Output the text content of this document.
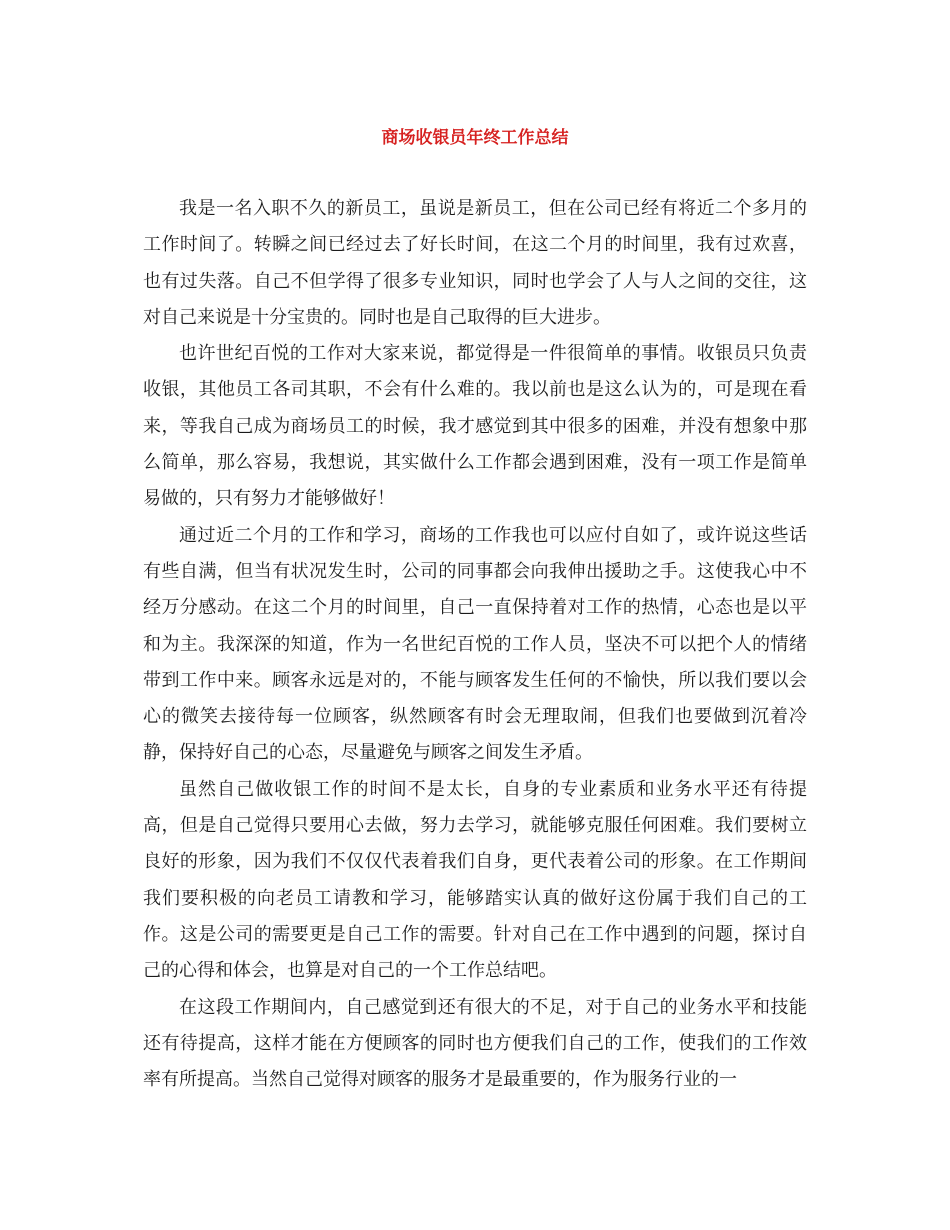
商场收银员年终工作总结

我是一名入职不久的新员工，虽说是新员工，但在公司已经有将近二个多月的工作时间了。转瞬之间已经过去了好长时间，在这二个月的时间里，我有过欢喜，也有过失落。自己不但学得了很多专业知识，同时也学会了人与人之间的交往，这对自己来说是十分宝贵的。同时也是自己取得的巨大进步。

也许世纪百悦的工作对大家来说，都觉得是一件很简单的事情。收银员只负责收银，其他员工各司其职，不会有什么难的。我以前也是这么认为的，可是现在看来，等我自己成为商场员工的时候，我才感觉到其中很多的困难，并没有想象中那么简单，那么容易，我想说，其实做什么工作都会遇到困难，没有一项工作是简单易做的，只有努力才能够做好！

通过近二个月的工作和学习，商场的工作我也可以应付自如了，或许说这些话有些自满，但当有状况发生时，公司的同事都会向我伸出援助之手。这使我心中不经万分感动。在这二个月的时间里，自己一直保持着对工作的热情，心态也是以平和为主。我深深的知道，作为一名世纪百悦的工作人员，坚决不可以把个人的情绪带到工作中来。顾客永远是对的，不能与顾客发生任何的不愉快，所以我们要以会心的微笑去接待每一位顾客，纵然顾客有时会无理取闹，但我们也要做到沉着冷静，保持好自己的心态，尽量避免与顾客之间发生矛盾。

虽然自己做收银工作的时间不是太长，自身的专业素质和业务水平还有待提高，但是自己觉得只要用心去做，努力去学习，就能够克服任何困难。我们要树立良好的形象，因为我们不仅仅代表着我们自身，更代表着公司的形象。在工作期间我们要积极的向老员工请教和学习，能够踏实认真的做好这份属于我们自己的工作。这是公司的需要更是自己工作的需要。针对自己在工作中遇到的问题，探讨自己的心得和体会，也算是对自己的一个工作总结吧。

在这段工作期间内，自己感觉到还有很大的不足，对于自己的业务水平和技能还有待提高，这样才能在方便顾客的同时也方便我们自己的工作，使我们的工作效率有所提高。当然自己觉得对顾客的服务才是最重要的，作为服务行业的一
